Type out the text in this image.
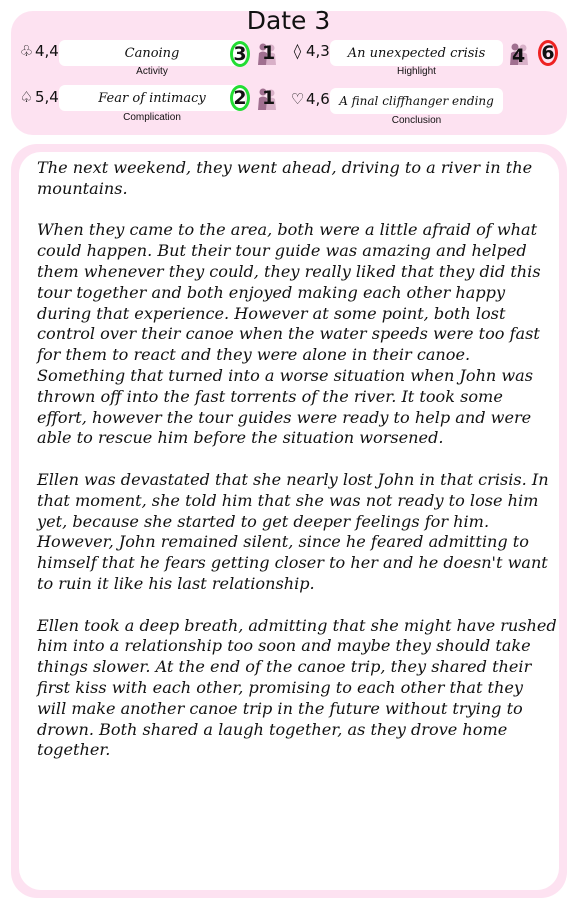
Date 3
♧ 4,4	Canoing
Activity
3 1 ◊ 4,3	An unexpected crisis
Highlight
4 6
♤ 5,4	Fear of intimacy
Complication
2 1 ♡ 4,6 A final cliffhanger ending
Conclusion

The next weekend, they went ahead, driving to a river in the mountains.

When they came to the area, both were a little afraid of what could happen. But their tour guide was amazing and helped them whenever they could, they really liked that they did this tour together and both enjoyed making each other happy during that experience. However at some point, both lost control over their canoe when the water speeds were too fast for them to react and they were alone in their canoe. Something that turned into a worse situation when John was thrown off into the fast torrents of the river. It took some effort, however the tour guides were ready to help and were able to rescue him before the situation worsened.

Ellen was devastated that she nearly lost John in that crisis. In that moment, she told him that she was not ready to lose him yet, because she started to get deeper feelings for him. However, John remained silent, since he feared admitting to himself that he fears getting closer to her and he doesn't want to ruin it like his last relationship.

Ellen took a deep breath, admitting that she might have rushed him into a relationship too soon and maybe they should take things slower. At the end of the canoe trip, they shared their first kiss with each other, promising to each other that they will make another canoe trip in the future without trying to drown. Both shared a laugh together, as they drove home together.
